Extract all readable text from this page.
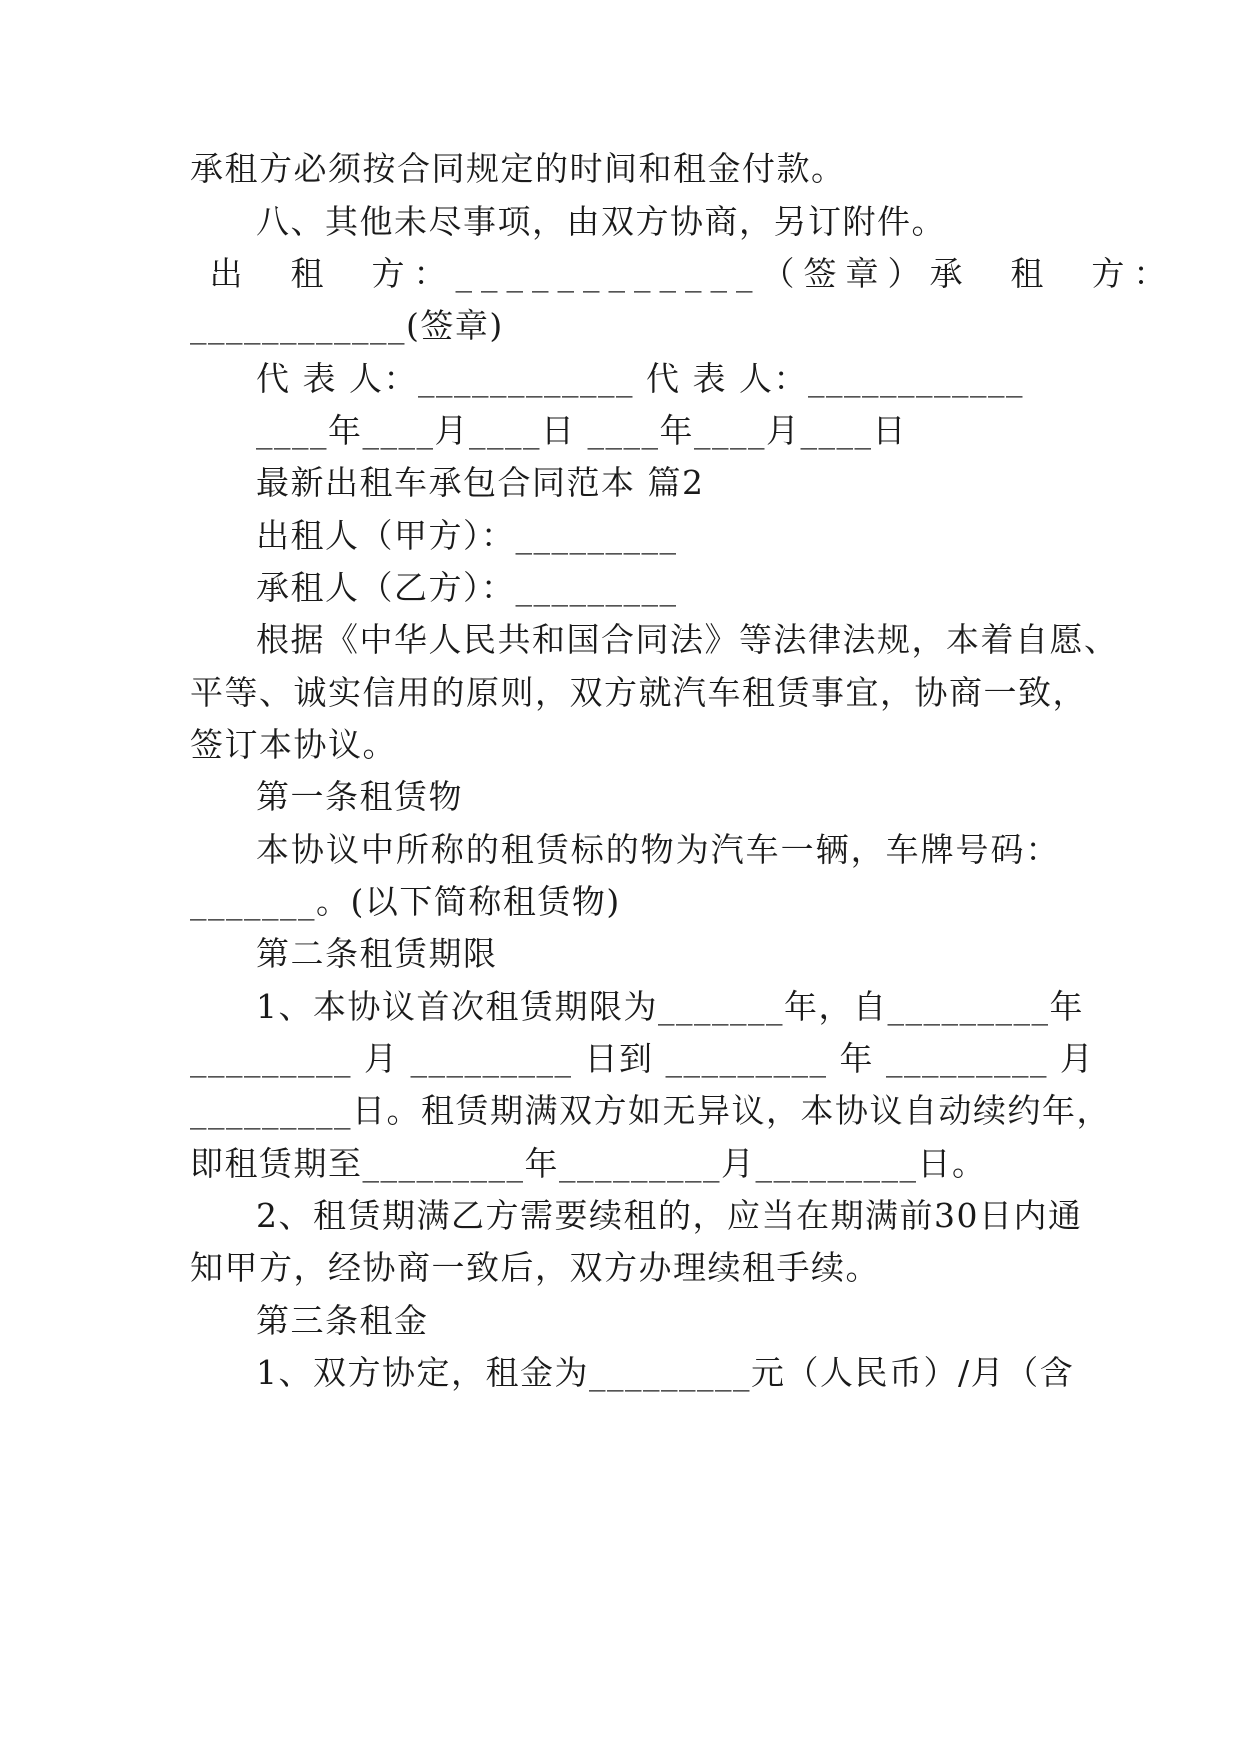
承租方必须按合同规定的时间和租金付款。
八、其他未尽事项，由双方协商，另订附件。
出  租  方：____________（签章）承  租  方：
____________(签章)
代 表 人：____________ 代 表 人：____________
____年____月____日 ____年____月____日
最新出租车承包合同范本 篇2
出租人（甲方）：_________
承租人（乙方）：_________
根据《中华人民共和国合同法》等法律法规，本着自愿、
平等、诚实信用的原则，双方就汽车租赁事宜，协商一致，
签订本协议。
第一条租赁物
本协议中所称的租赁标的物为汽车一辆，车牌号码：
_______。(以下简称租赁物)
第二条租赁期限
1、本协议首次租赁期限为_______年，自_________年
_________ 月 _________ 日到 _________ 年 _________ 月
_________日。租赁期满双方如无异议，本协议自动续约年，
即租赁期至_________年_________月_________日。
2、租赁期满乙方需要续租的，应当在期满前30日内通
知甲方，经协商一致后，双方办理续租手续。
第三条租金
1、双方协定，租金为_________元（人民币）/月（含
